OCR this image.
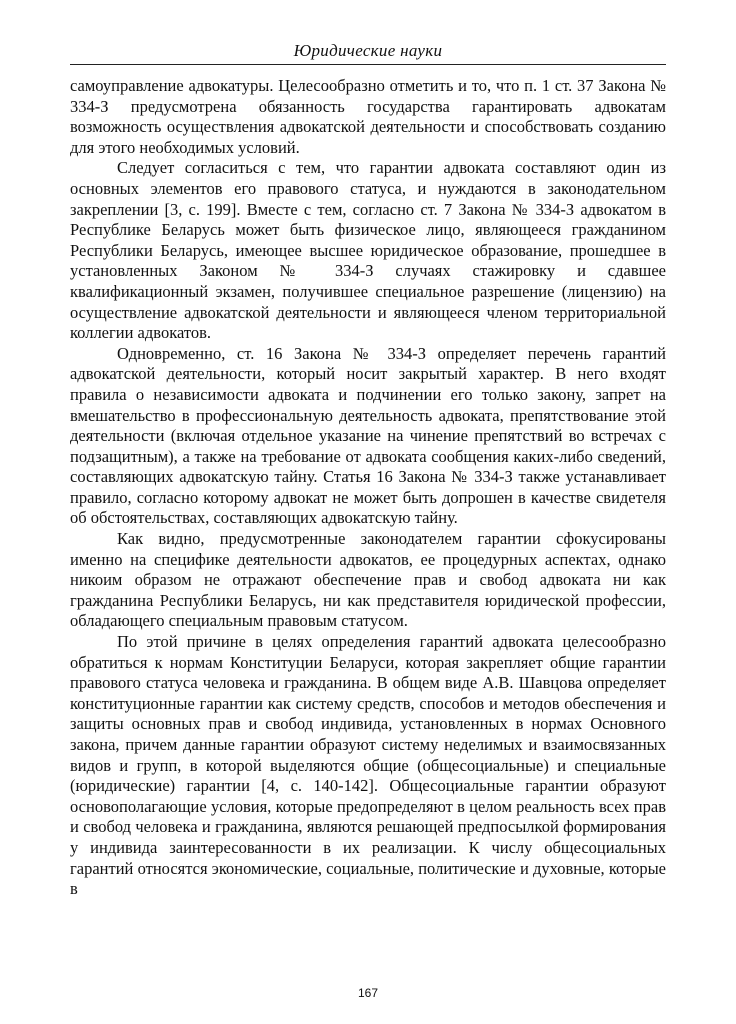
Юридические науки

самоуправление адвокатуры. Целесообразно отметить и то, что п. 1 ст. 37 Закона № 334-З предусмотрена обязанность государства гарантировать адвокатам возможность осуществления адвокатской деятельности и способствовать созданию для этого необходимых условий.

Следует согласиться с тем, что гарантии адвоката составляют один из основных элементов его правового статуса, и нуждаются в законодательном закреплении [3, с. 199]. Вместе с тем, согласно ст. 7 Закона № 334-З адвокатом в Республике Беларусь может быть физическое лицо, являющееся гражданином Республики Беларусь, имеющее высшее юридическое образование, прошедшее в установленных Законом № 334-З случаях стажировку и сдавшее квалификационный экзамен, получившее специальное разрешение (лицензию) на осуществление адвокатской деятельности и являющееся членом территориальной коллегии адвокатов.

Одновременно, ст. 16 Закона № 334-З определяет перечень гарантий адвокатской деятельности, который носит закрытый характер. В него входят правила о независимости адвоката и подчинении его только закону, запрет на вмешательство в профессиональную деятельность адвоката, препятствование этой деятельности (включая отдельное указание на чинение препятствий во встречах с подзащитным), а также на требование от адвоката сообщения каких-либо сведений, составляющих адвокатскую тайну. Статья 16 Закона № 334-З также устанавливает правило, согласно которому адвокат не может быть допрошен в качестве свидетеля об обстоятельствах, составляющих адвокатскую тайну.

Как видно, предусмотренные законодателем гарантии сфокусированы именно на специфике деятельности адвокатов, ее процедурных аспектах, однако никоим образом не отражают обеспечение прав и свобод адвоката ни как гражданина Республики Беларусь, ни как представителя юридической профессии, обладающего специальным правовым статусом.

По этой причине в целях определения гарантий адвоката целесообразно обратиться к нормам Конституции Беларуси, которая закрепляет общие гарантии правового статуса человека и гражданина. В общем виде А.В. Шавцова определяет конституционные гарантии как систему средств, способов и методов обеспечения и защиты основных прав и свобод индивида, установленных в нормах Основного закона, причем данные гарантии образуют систему неделимых и взаимосвязанных видов и групп, в которой выделяются общие (общесоциальные) и специальные (юридические) гарантии [4, с. 140-142]. Общесоциальные гарантии образуют основополагающие условия, которые предопределяют в целом реальность всех прав и свобод человека и гражданина, являются решающей предпосылкой формирования у индивида заинтересованности в их реализации. К числу общесоциальных гарантий относятся экономические, социальные, политические и духовные, которые в

167
